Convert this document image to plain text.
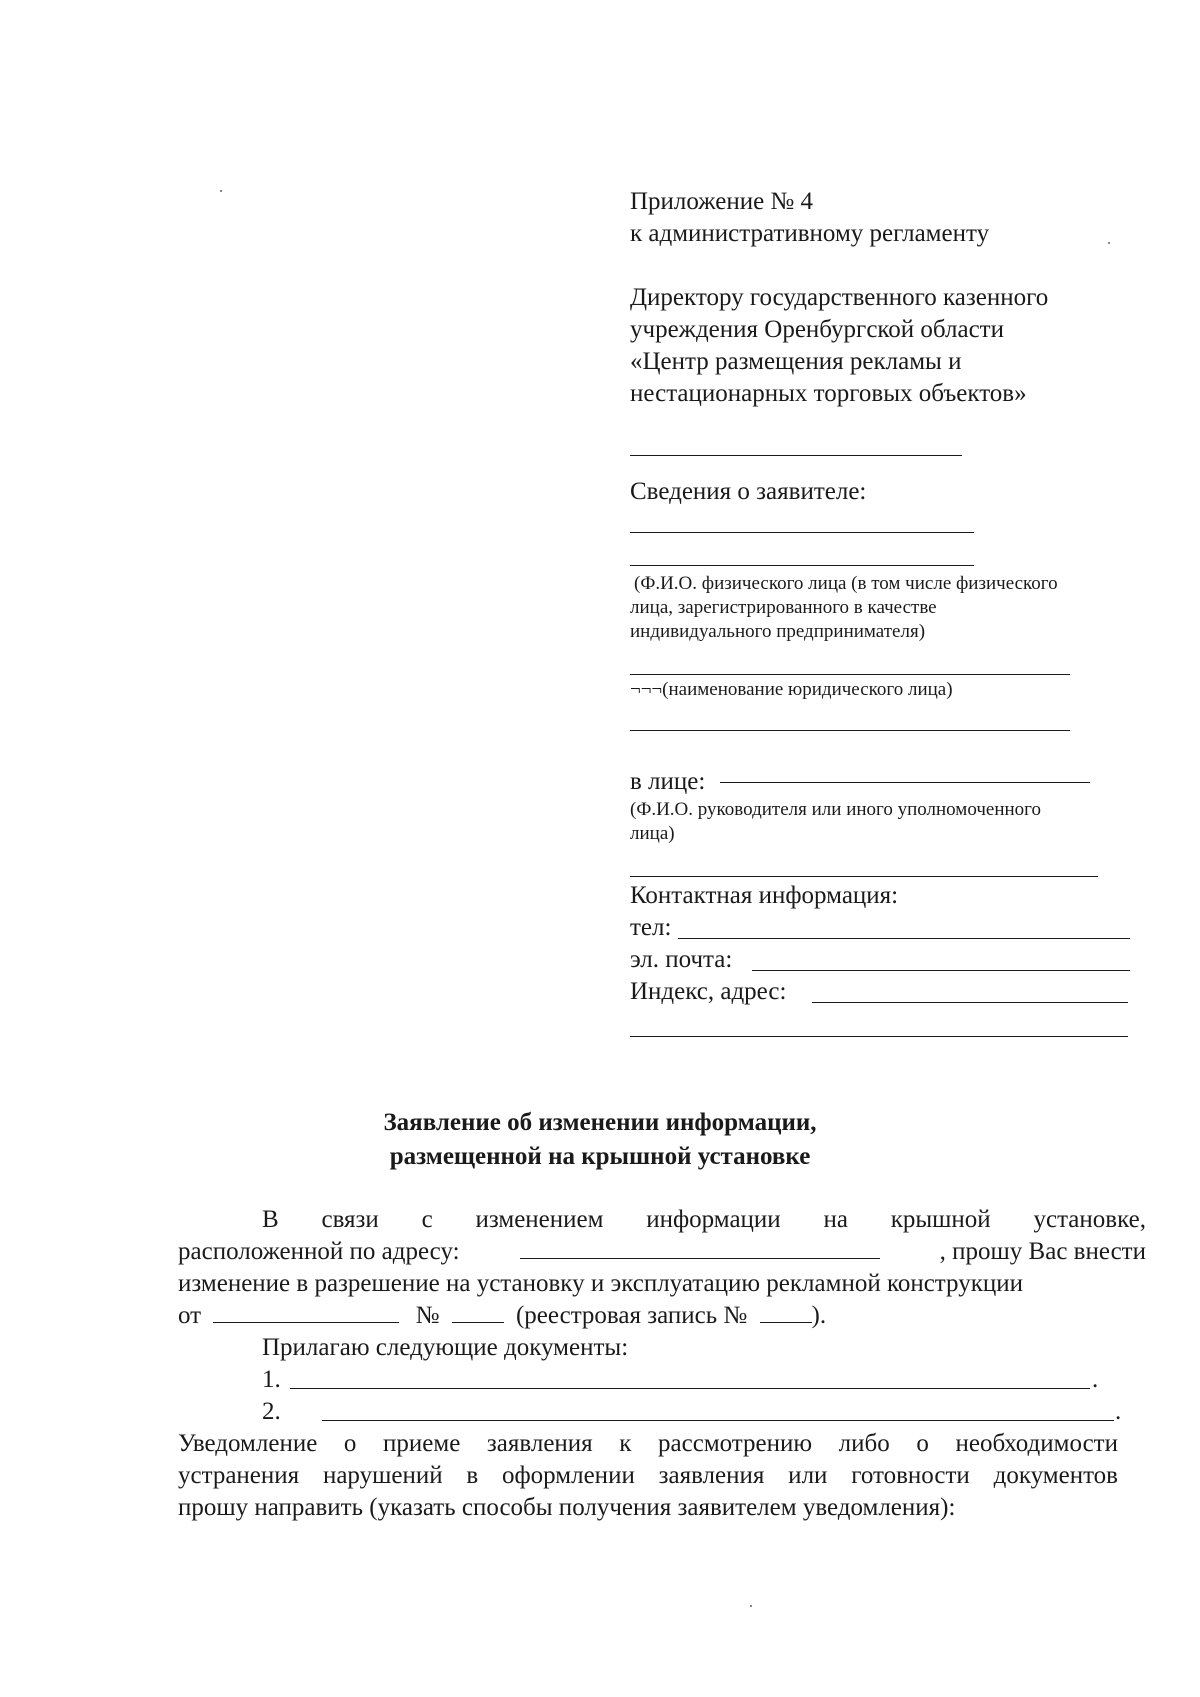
Приложение № 4
к административному регламенту
Директору государственного казенного
учреждения Оренбургской области
«Центр размещения рекламы и
нестационарных торговых объектов»
Сведения о заявителе:
(Ф.И.О. физического лица (в том числе физического
лица, зарегистрированного в качестве
индивидуального предпринимателя)
¬¬¬(наименование юридического лица)
в лице:
(Ф.И.О. руководителя или иного уполномоченного
лица)
Контактная информация:
тел:
эл. почта:
Индекс, адрес:
Заявление об изменении информации,
размещенной на крышной установке
В связи с изменением информации на крышной установке,
расположенной по адресу:	, прошу Вас внести
изменение в разрешение на установку и эксплуатацию рекламной конструкции
от	№	(реестровая запись №	).
Прилагаю следующие документы:
1.	.
2.	.
Уведомление о приеме заявления к рассмотрению либо о необходимости
устранения нарушений в оформлении заявления или готовности документов
прошу направить (указать способы получения заявителем уведомления):
